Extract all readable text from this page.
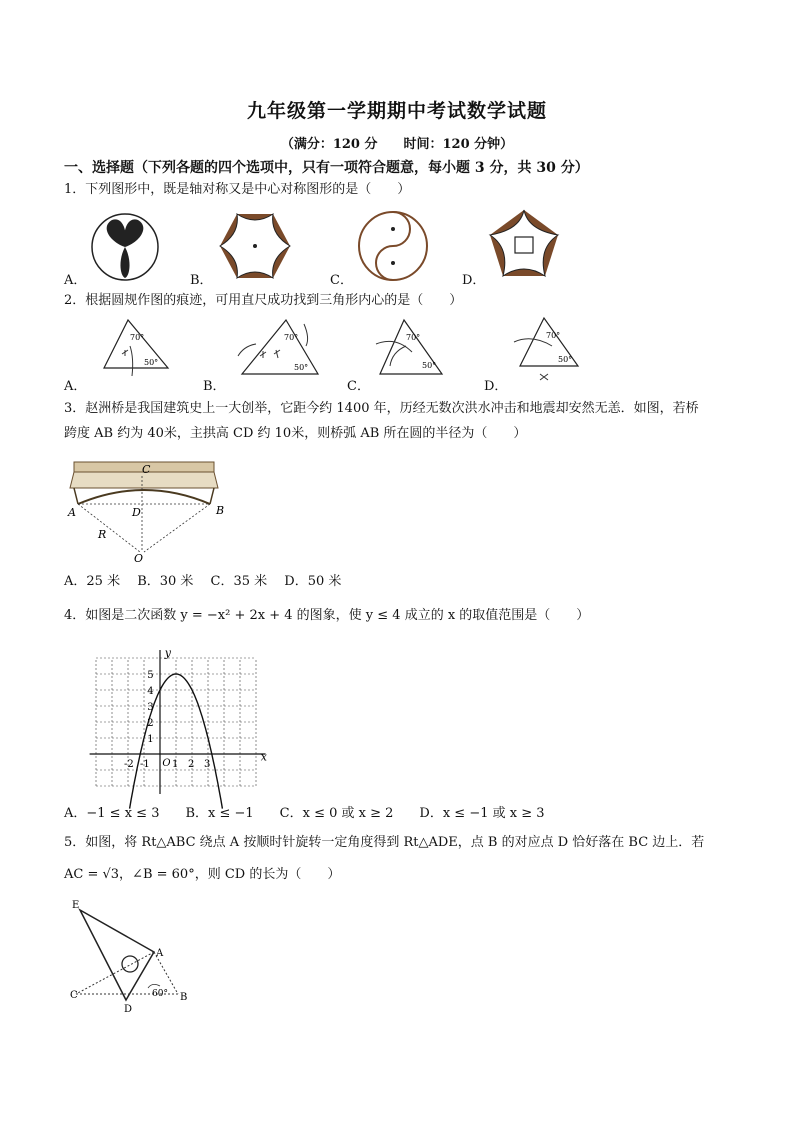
九年级第一学期期中考试数学试题
（满分：120 分　　时间：120 分钟）
一、选择题（下列各题的四个选项中，只有一项符合题意，每小题 3 分，共 30 分）
1．下列图形中，既是轴对称又是中心对称图形的是（　　）
A．	B．	C．	D．
2．根据圆规作图的痕迹，可用直尺成功找到三角形内心的是（　　）
70°
50°
70°
50°
70°
50°
70°
50°
A．	B．	C．	D．
3．赵洲桥是我国建筑史上一大创举，它距今约 1400 年，历经无数次洪水冲击和地震却安然无恙．如图，若桥
跨度 AB 约为 40米，主拱高 CD 约 10米，则桥弧 AB 所在圆的半径为（　　）
C
A	B
D
R
O
A．25 米　 B．30 米　 C．35 米　 D．50 米
4．如图是二次函数 y = −x² + 2x + 4 的图象，使 y ≤ 4 成立的 x 的取值范围是（　　）
y
x
O
5
4
3
2
1
-2 -1 1 2 3
A．−1 ≤ x ≤ 3　　B．x ≤ −1　　C．x ≤ 0 或 x ≥ 2　　D．x ≤ −1 或 x ≥ 3
5．如图，将 Rt△ABC 绕点 A 按顺时针旋转一定角度得到 Rt△ADE，点 B 的对应点 D 恰好落在 BC 边上．若
AC = √3，∠B = 60°，则 CD 的长为（　　）
E
A
C
D
B
60°
